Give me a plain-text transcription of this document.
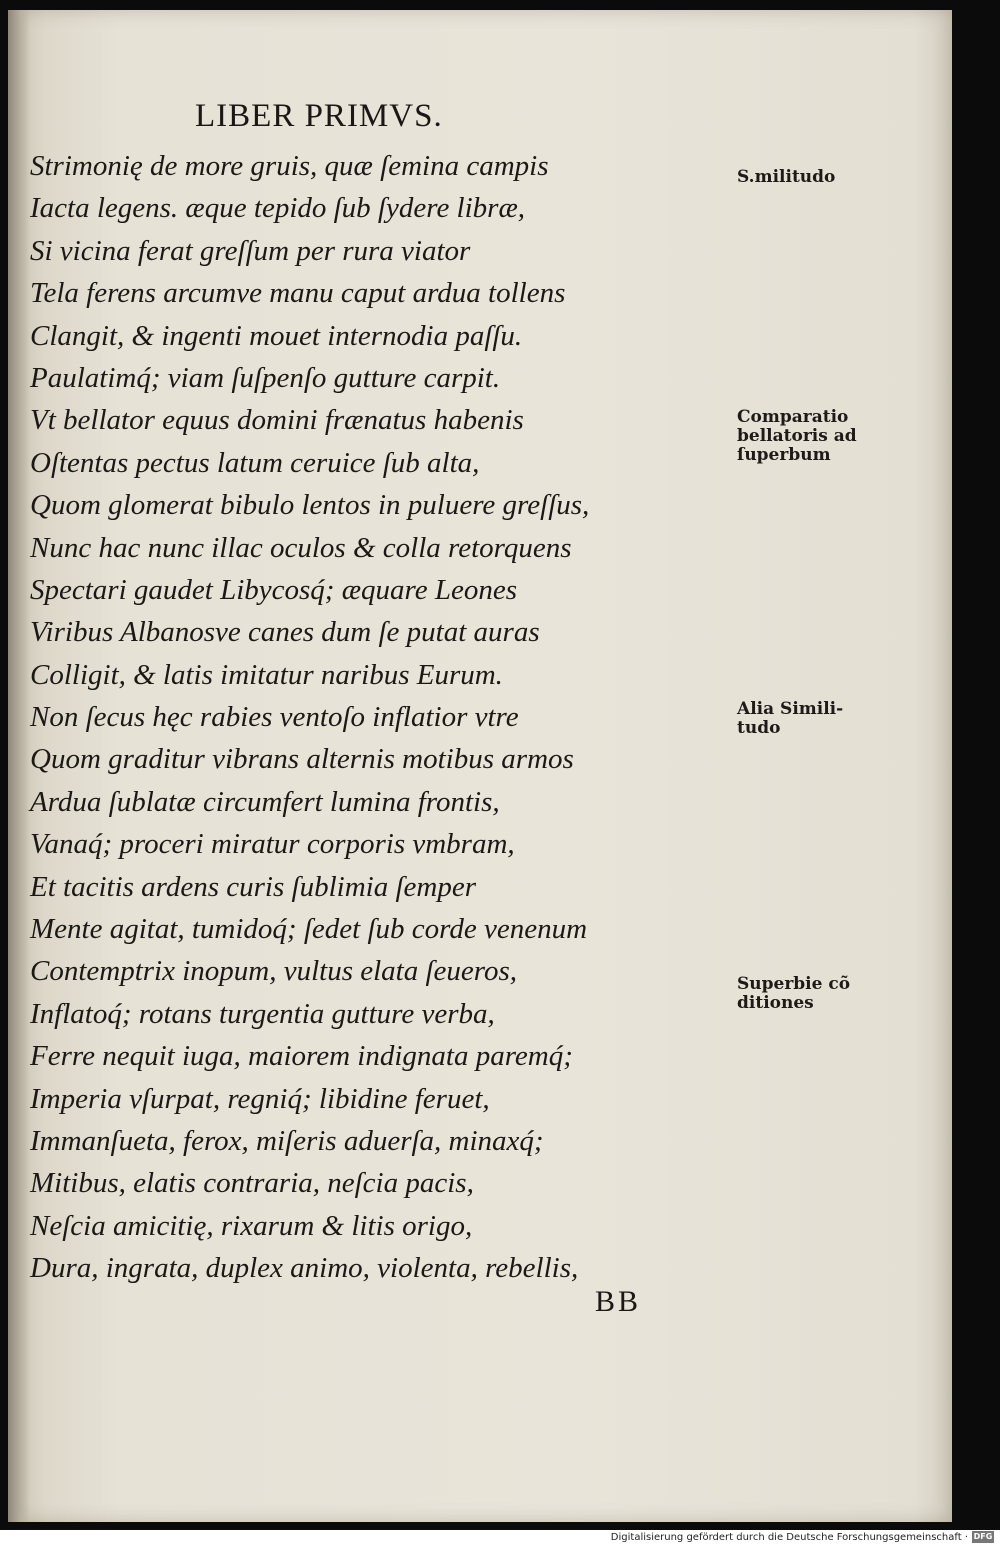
LIBER PRIMVS.
Strimonię de more gruis, quæ ſemina campis
Iacta legens. æque tepido ſub ſydere libræ,
Si vicina ferat greſſum per rura viator
Tela ferens arcumve manu caput ardua tollens
Clangit, & ingenti mouet internodia paſſu.
Paulatimq́; viam ſuſpenſo gutture carpit.
Vt bellator equus domini frænatus habenis
Oſtentas pectus latum ceruice ſub alta,
Quom glomerat bibulo lentos in puluere greſſus,
Nunc hac nunc illac oculos & colla retorquens
Spectari gaudet Libycosq́; æquare Leones
Viribus Albanosve canes dum ſe putat auras
Colligit, & latis imitatur naribus Eurum.
Non ſecus hęc rabies ventoſo inflatior vtre
Quom graditur vibrans alternis motibus armos
Ardua ſublatæ circumfert lumina frontis,
Vanaq́; proceri miratur corporis vmbram,
Et tacitis ardens curis ſublimia ſemper
Mente agitat, tumidoq́; ſedet ſub corde venenum
Contemptrix inopum, vultus elata ſeueros,
Inflatoq́; rotans turgentia gutture verba,
Ferre nequit iuga, maiorem indignata paremq́;
Imperia vſurpat, regniq́; libidine feruet,
Immanſueta, ferox, miſeris aduerſa, minaxq́;
Mitibus, elatis contraria, neſcia pacis,
Neſcia amicitię, rixarum & litis origo,
Dura, ingrata, duplex animo, violenta, rebellis,
BB
S.militudo
Comparatio
bellatoris ad
ſuperbum
Alia Simili-
tudo
Superbie cõ
ditiones
Digitalisierung gefördert durch die Deutsche Forschungsgemeinschaft · DFG
